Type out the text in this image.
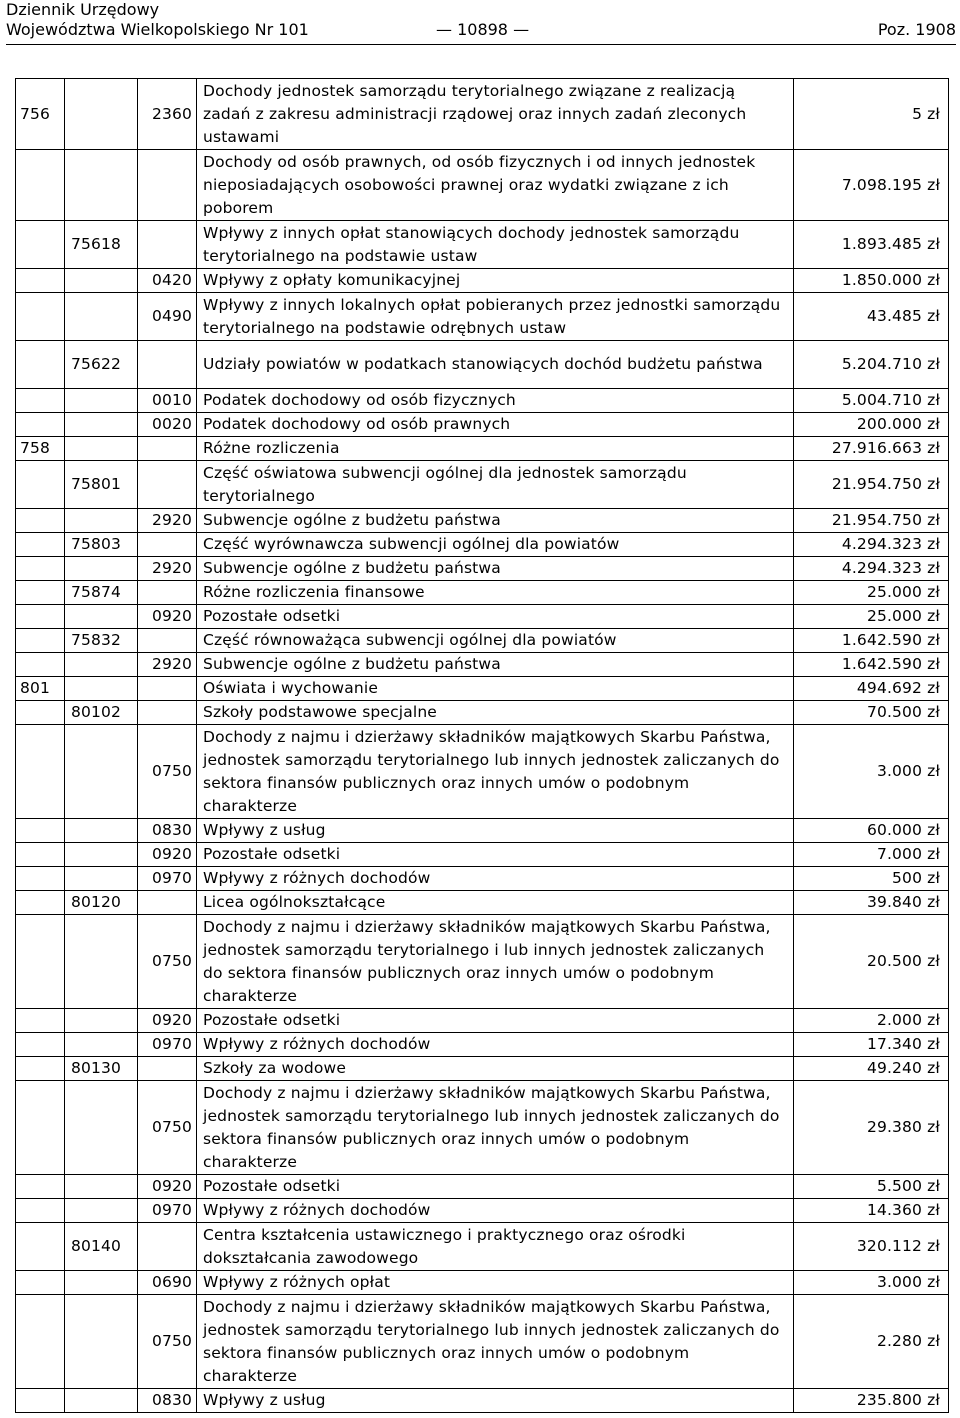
Dziennik Urzędowy
Województwa Wielkopolskiego Nr 101	— 10898 —	Poz. 1908
756		2360	Dochody jednostek samorządu terytorialnego związane z realizacją zadań z zakresu administracji rządowej oraz innych zadań zleconych ustawami	5 zł
			Dochody od osób prawnych, od osób fizycznych i od innych jednostek nieposiadających osobowości prawnej oraz wydatki związane z ich poborem	7.098.195 zł
	75618		Wpływy z innych opłat stanowiących dochody jednostek samorządu terytorialnego na podstawie ustaw	1.893.485 zł
		0420	Wpływy z opłaty komunikacyjnej	1.850.000 zł
		0490	Wpływy z innych lokalnych opłat pobieranych przez jednostki samorządu terytorialnego na podstawie odrębnych ustaw	43.485 zł
	75622		Udziały powiatów w podatkach stanowiących dochód budżetu państwa	5.204.710 zł
		0010	Podatek dochodowy od osób fizycznych	5.004.710 zł
		0020	Podatek dochodowy od osób prawnych	200.000 zł
758			Różne rozliczenia	27.916.663 zł
	75801		Część oświatowa subwencji ogólnej dla jednostek samorządu terytorialnego	21.954.750 zł
		2920	Subwencje ogólne z budżetu państwa	21.954.750 zł
	75803		Część wyrównawcza subwencji ogólnej dla powiatów	4.294.323 zł
		2920	Subwencje ogólne z budżetu państwa	4.294.323 zł
	75874		Różne rozliczenia finansowe	25.000 zł
		0920	Pozostałe odsetki	25.000 zł
	75832		Część równoważąca subwencji ogólnej dla powiatów	1.642.590 zł
		2920	Subwencje ogólne z budżetu państwa	1.642.590 zł
801			Oświata i wychowanie	494.692 zł
	80102		Szkoły podstawowe specjalne	70.500 zł
		0750	Dochody z najmu i dzierżawy składników majątkowych Skarbu Państwa, jednostek samorządu terytorialnego lub innych jednostek zaliczanych do sektora finansów publicznych oraz innych umów o podobnym charakterze	3.000 zł
		0830	Wpływy z usług	60.000 zł
		0920	Pozostałe odsetki	7.000 zł
		0970	Wpływy z różnych dochodów	500 zł
	80120		Licea ogólnokształcące	39.840 zł
		0750	Dochody z najmu i dzierżawy składników majątkowych Skarbu Państwa, jednostek samorządu terytorialnego i lub innych jednostek zaliczanych do sektora finansów publicznych oraz innych umów o podobnym charakterze	20.500 zł
		0920	Pozostałe odsetki	2.000 zł
		0970	Wpływy z różnych dochodów	17.340 zł
	80130		Szkoły za wodowe	49.240 zł
		0750	Dochody z najmu i dzierżawy składników majątkowych Skarbu Państwa, jednostek samorządu terytorialnego lub innych jednostek zaliczanych do sektora finansów publicznych oraz innych umów o podobnym charakterze	29.380 zł
		0920	Pozostałe odsetki	5.500 zł
		0970	Wpływy z różnych dochodów	14.360 zł
	80140		Centra kształcenia ustawicznego i praktycznego oraz ośrodki dokształcania zawodowego	320.112 zł
		0690	Wpływy z różnych opłat	3.000 zł
		0750	Dochody z najmu i dzierżawy składników majątkowych Skarbu Państwa, jednostek samorządu terytorialnego lub innych jednostek zaliczanych do sektora finansów publicznych oraz innych umów o podobnym charakterze	2.280 zł
		0830	Wpływy z usług	235.800 zł
